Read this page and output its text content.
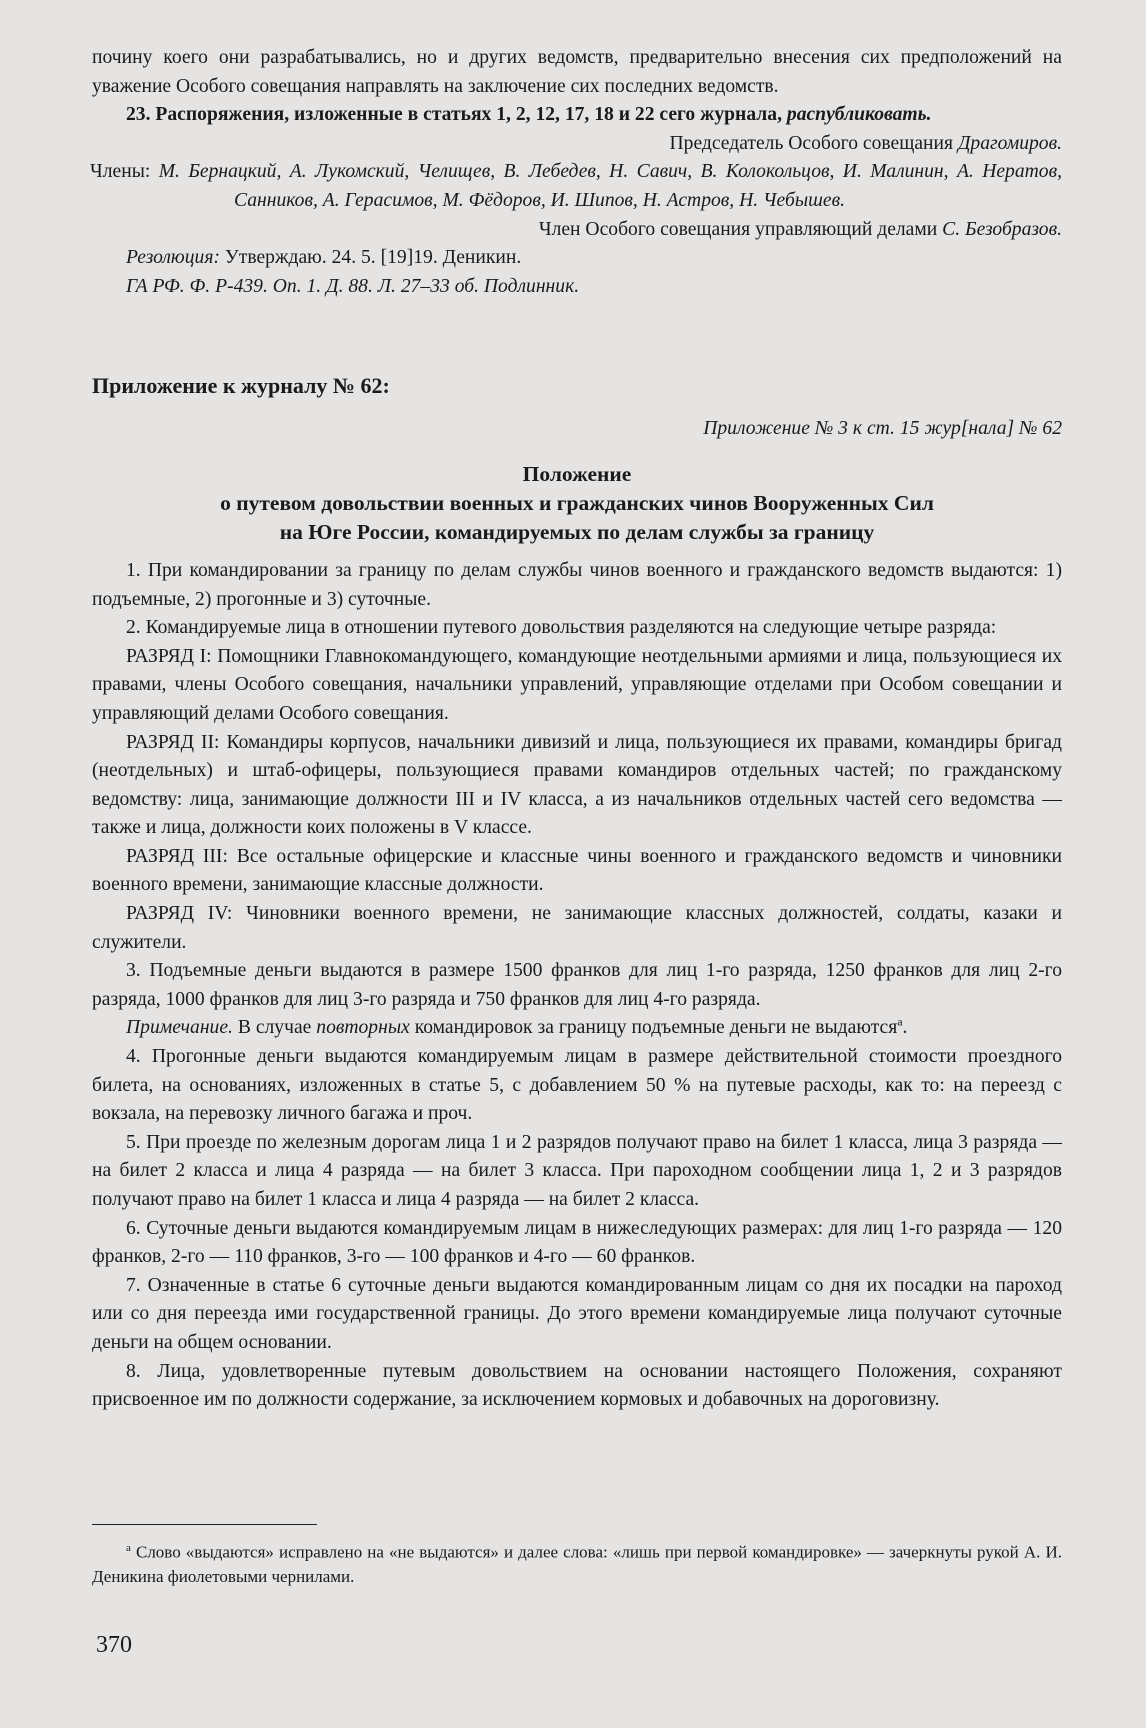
почину коего они разрабатывались, но и других ведомств, предварительно внесения сих предположений на уважение Особого совещания направлять на заключение сих последних ведомств.

23. Распоряжения, изложенные в статьях 1, 2, 12, 17, 18 и 22 сего журнала, распубликовать.

Председатель Особого совещания Драгомиров.

Члены: М. Бернацкий, А. Лукомский, Челищев, В. Лебедев, Н. Савич, В. Колокольцов, И. Малинин, А. Нератов, Санников, А. Герасимов, М. Фёдоров, И. Шипов, Н. Астров, Н. Чебышев.

Член Особого совещания управляющий делами С. Безобразов.

Резолюция: Утверждаю. 24. 5. [19]19. Деникин.

ГА РФ. Ф. Р-439. Оп. 1. Д. 88. Л. 27–33 об. Подлинник.

Приложение к журналу № 62:

Приложение № 3 к ст. 15 жур[нала] № 62

Положение
о путевом довольствии военных и гражданских чинов Вооруженных Сил
на Юге России, командируемых по делам службы за границу

1. При командировании за границу по делам службы чинов военного и гражданского ведомств выдаются: 1) подъемные, 2) прогонные и 3) суточные.

2. Командируемые лица в отношении путевого довольствия разделяются на следующие четыре разряда:

РАЗРЯД I: Помощники Главнокомандующего, командующие неотдельными армиями и лица, пользующиеся их правами, члены Особого совещания, начальники управлений, управляющие отделами при Особом совещании и управляющий делами Особого совещания.

РАЗРЯД II: Командиры корпусов, начальники дивизий и лица, пользующиеся их правами, командиры бригад (неотдельных) и штаб-офицеры, пользующиеся правами командиров отдельных частей; по гражданскому ведомству: лица, занимающие должности III и IV класса, а из начальников отдельных частей сего ведомства — также и лица, должности коих положены в V классе.

РАЗРЯД III: Все остальные офицерские и классные чины военного и гражданского ведомств и чиновники военного времени, занимающие классные должности.

РАЗРЯД IV: Чиновники военного времени, не занимающие классных должностей, солдаты, казаки и служители.

3. Подъемные деньги выдаются в размере 1500 франков для лиц 1-го разряда, 1250 франков для лиц 2-го разряда, 1000 франков для лиц 3-го разряда и 750 франков для лиц 4-го разряда.

Примечание. В случае повторных командировок за границу подъемные деньги не выдаются$^а$.

4. Прогонные деньги выдаются командируемым лицам в размере действительной стоимости проездного билета, на основаниях, изложенных в статье 5, с добавлением 50 % на путевые расходы, как то: на переезд с вокзала, на перевозку личного багажа и проч.

5. При проезде по железным дорогам лица 1 и 2 разрядов получают право на билет 1 класса, лица 3 разряда — на билет 2 класса и лица 4 разряда — на билет 3 класса. При пароходном сообщении лица 1, 2 и 3 разрядов получают право на билет 1 класса и лица 4 разряда — на билет 2 класса.

6. Суточные деньги выдаются командируемым лицам в нижеследующих размерах: для лиц 1-го разряда — 120 франков, 2-го — 110 франков, 3-го — 100 франков и 4-го — 60 франков.

7. Означенные в статье 6 суточные деньги выдаются командированным лицам со дня их посадки на пароход или со дня переезда ими государственной границы. До этого времени командируемые лица получают суточные деньги на общем основании.

8. Лица, удовлетворенные путевым довольствием на основании настоящего Положения, сохраняют присвоенное им по должности содержание, за исключением кормовых и добавочных на дороговизну.

$^а$ Слово «выдаются» исправлено на «не выдаются» и далее слова: «лишь при первой командировке» — зачеркнуты рукой А. И. Деникина фиолетовыми чернилами.

370
